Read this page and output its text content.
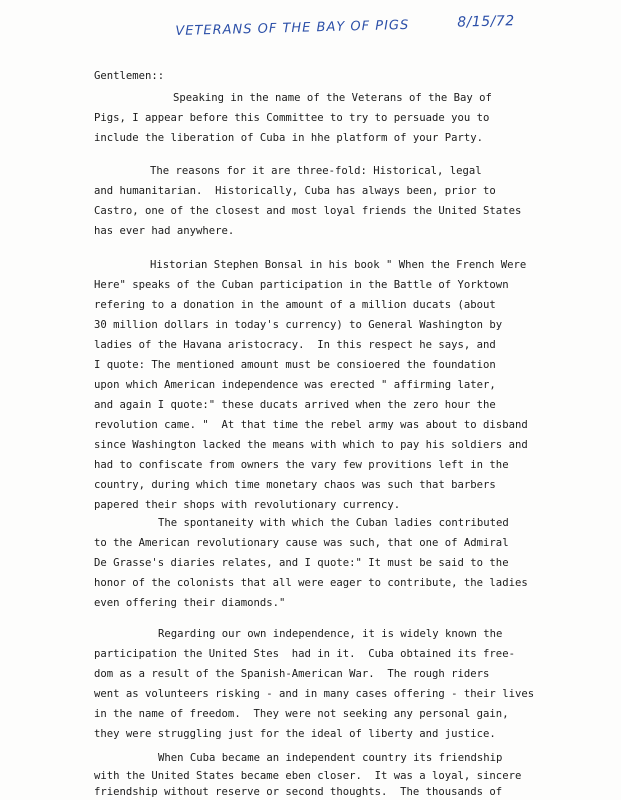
VETERANS OF THE BAY OF PIGS	8/15/72
Gentlemen::
Speaking in the name of the Veterans of the Bay of
Pigs, I appear before this Committee to try to persuade you to
include the liberation of Cuba in hhe platform of your Party.
The reasons for it are three-fold: Historical, legal
and humanitarian.  Historically, Cuba has always been, prior to
Castro, one of the closest and most loyal friends the United States
has ever had anywhere.
Historian Stephen Bonsal in his book " When the French Were
Here" speaks of the Cuban participation in the Battle of Yorktown
refering to a donation in the amount of a million ducats (about
30 million dollars in today's currency) to General Washington by
ladies of the Havana aristocracy.  In this respect he says, and
I quote: The mentioned amount must be consioered the foundation
upon which American independence was erected " affirming later,
and again I quote:" these ducats arrived when the zero hour the
revolution came. "  At that time the rebel army was about to disband
since Washington lacked the means with which to pay his soldiers and
had to confiscate from owners the vary few provitions left in the
country, during which time monetary chaos was such that barbers
papered their shops with revolutionary currency.
The spontaneity with which the Cuban ladies contributed
to the American revolutionary cause was such, that one of Admiral
De Grasse's diaries relates, and I quote:" It must be said to the
honor of the colonists that all were eager to contribute, the ladies
even offering their diamonds."
Regarding our own independence, it is widely known the
participation the United Stes  had in it.  Cuba obtained its free-
dom as a result of the Spanish-American War.  The rough riders
went as volunteers risking - and in many cases offering - their lives
in the name of freedom.  They were not seeking any personal gain,
they were struggling just for the ideal of liberty and justice.
When Cuba became an independent country its friendship
with the United States became eben closer.  It was a loyal, sincere
friendship without reserve or second thoughts.  The thousands of
